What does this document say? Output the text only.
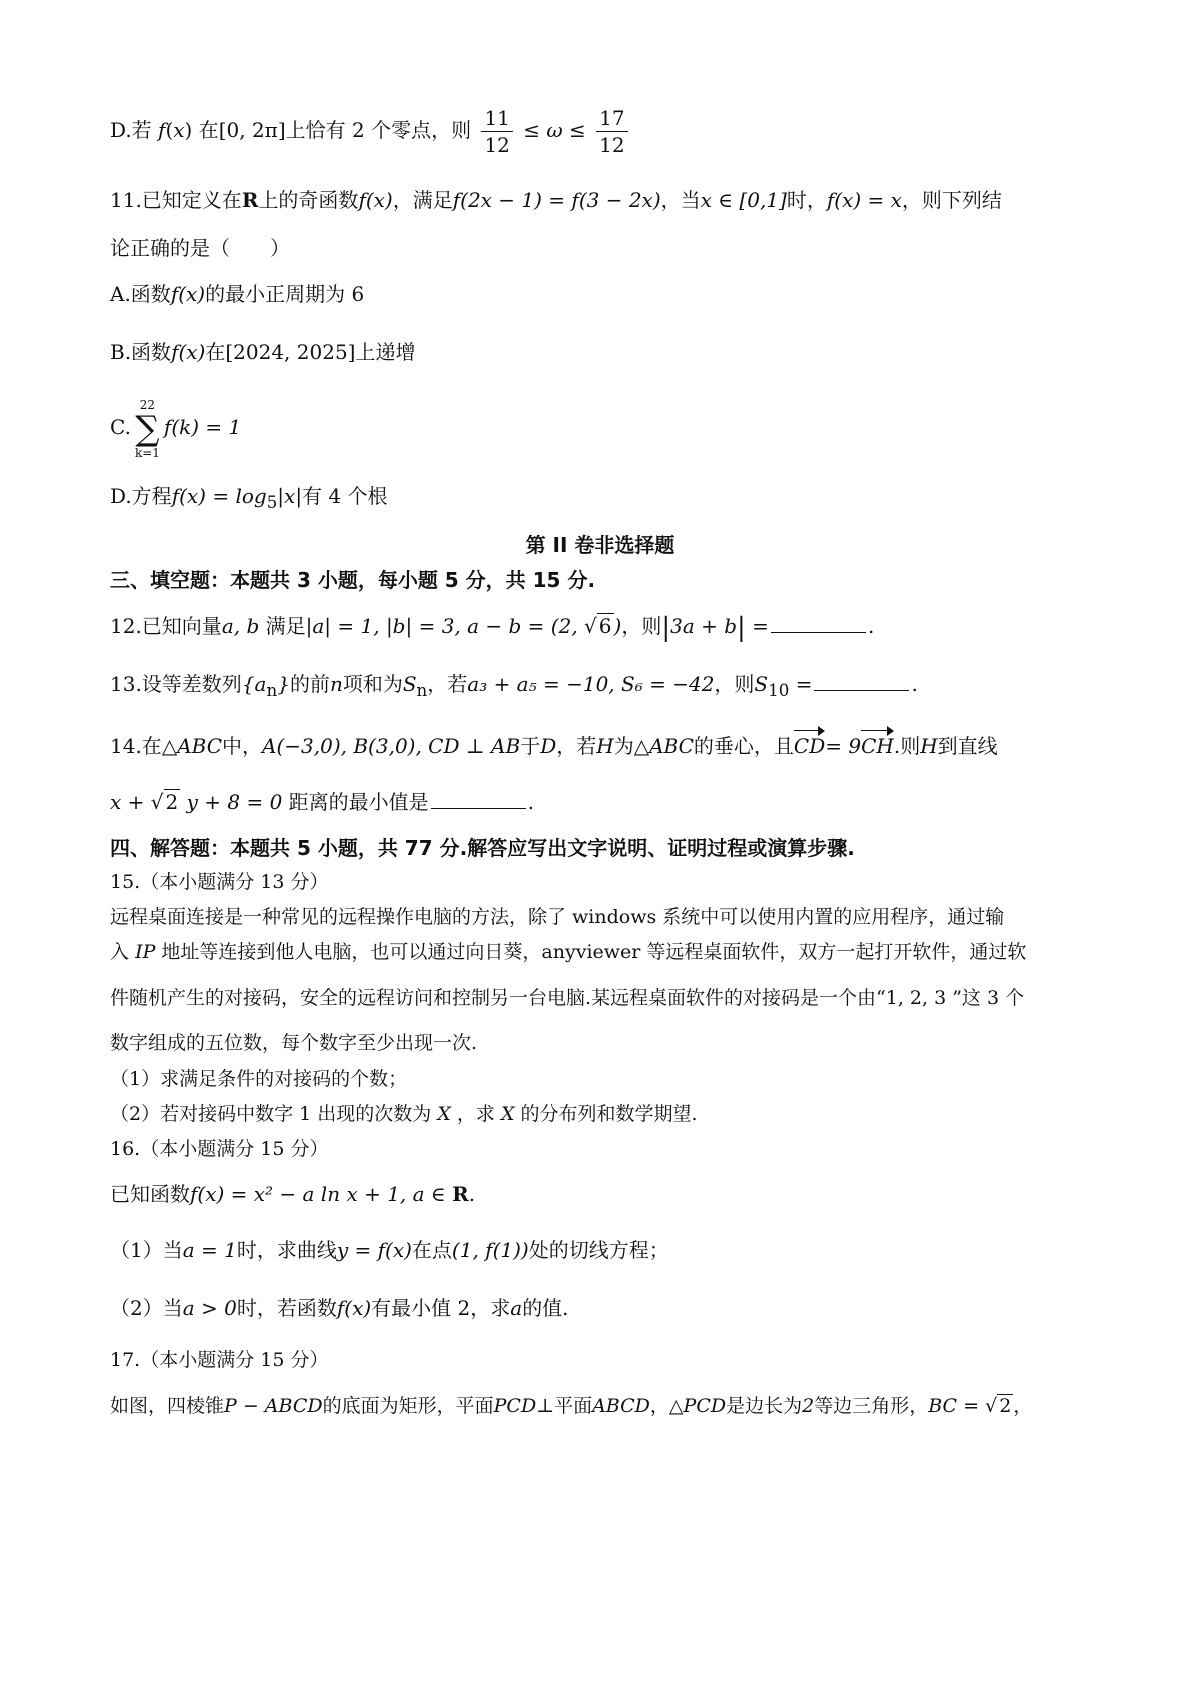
D.若 f(x) 在[0, 2π]上恰有 2 个零点，则 $\frac{11}{12} \le \omega \le \frac{17}{12}$
11.已知定义在R上的奇函数f(x)，满足f(2x − 1) = f(3 − 2x)，当x ∈ [0,1]时，f(x) = x，则下列结
论正确的是（　　）
A.函数f(x)的最小正周期为 6
B.函数f(x)在[2024, 2025]上递增
C.
22
∑
k=1
f(k) = 1
D.方程$f(x) = \log_5|x|$有 4 个根
第 II 卷非选择题
三、填空题：本题共 3 小题，每小题 5 分，共 15 分.
12.已知向量a, b 满足|a| = 1, |b| = 3, a − b = (2, √ 6 )，则|3a + b| =	.
13.设等差数列$\{a_n\}$的前n项和为$S_n$，若a₃ + a₅ = −10, S₆ = −42，则$S_{10}$ =	.
14.在△ABC中，A(−3,0), B(3,0), CD ⊥ AB于D，若H为△ABC的垂心，且CD= 9CH.则H到直线
x + √ 2 y + 8 = 0 距离的最小值是	.
四、解答题：本题共 5 小题，共 77 分.解答应写出文字说明、证明过程或演算步骤.
15.（本小题满分 13 分）
远程桌面连接是一种常见的远程操作电脑的方法，除了 windows 系统中可以使用内置的应用程序，通过输
入 IP 地址等连接到他人电脑，也可以通过向日葵，anyviewer 等远程桌面软件，双方一起打开软件，通过软
件随机产生的对接码，安全的远程访问和控制另一台电脑.某远程桌面软件的对接码是一个由“1, 2, 3 ”这 3 个
数字组成的五位数，每个数字至少出现一次.
（1）求满足条件的对接码的个数；
（2）若对接码中数字 1 出现的次数为 X ，求 X 的分布列和数学期望.
16.（本小题满分 15 分）
已知函数f(x) = x² − a ln x + 1, a ∈ R.
（1）当a = 1时，求曲线y = f(x)在点(1, f(1))处的切线方程；
（2）当a > 0时，若函数f(x)有最小值 2，求a的值.
17.（本小题满分 15 分）
如图，四棱锥P − ABCD的底面为矩形，平面PCD⊥平面ABCD，△PCD是边长为2等边三角形，BC = √ 2 ，
